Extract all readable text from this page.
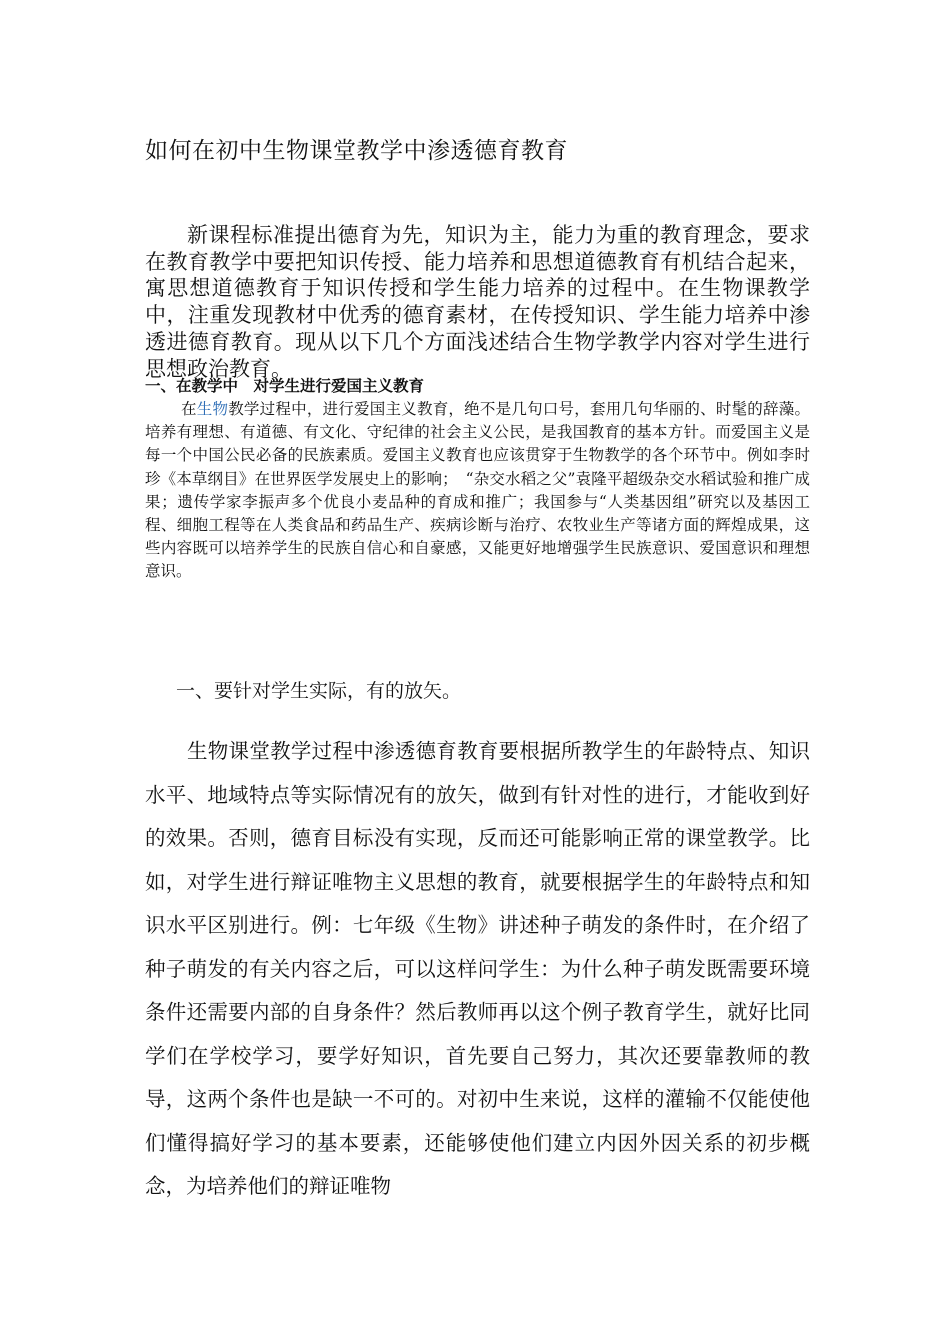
如何在初中生物课堂教学中渗透德育教育

新课程标准提出德育为先，知识为主，能力为重的教育理念，要求在教育教学中要把知识传授、能力培养和思想道德教育有机结合起来，寓思想道德教育于知识传授和学生能力培养的过程中。在生物课教学中，注重发现教材中优秀的德育素材，在传授知识、学生能力培养中渗透进德育教育。现从以下几个方面浅述结合生物学教学内容对学生进行思想政治教育。

一、在教学中　对学生进行爱国主义教育

在生物教学过程中，进行爱国主义教育，绝不是几句口号，套用几句华丽的、时髦的辞藻。培养有理想、有道德、有文化、守纪律的社会主义公民，是我国教育的基本方针。而爱国主义是每一个中国公民必备的民族素质。爱国主义教育也应该贯穿于生物教学的各个环节中。例如李时珍《本草纲目》在世界医学发展史上的影响；　“杂交水稻之父”袁隆平超级杂交水稻试验和推广成果；遗传学家李振声多个优良小麦品种的育成和推广；我国参与“人类基因组”研究以及基因工程、细胞工程等在人类食品和药品生产、疾病诊断与治疗、农牧业生产等诸方面的辉煌成果，这些内容既可以培养学生的民族自信心和自豪感，又能更好地增强学生民族意识、爱国意识和理想意识。

一、要针对学生实际，有的放矢。

生物课堂教学过程中渗透德育教育要根据所教学生的年龄特点、知识水平、地域特点等实际情况有的放矢，做到有针对性的进行，才能收到好的效果。否则，德育目标没有实现，反而还可能影响正常的课堂教学。比如，对学生进行辩证唯物主义思想的教育，就要根据学生的年龄特点和知识水平区别进行。例：七年级《生物》讲述种子萌发的条件时，在介绍了种子萌发的有关内容之后，可以这样问学生：为什么种子萌发既需要环境条件还需要内部的自身条件？然后教师再以这个例子教育学生，就好比同学们在学校学习，要学好知识，首先要自己努力，其次还要靠教师的教导，这两个条件也是缺一不可的。对初中生来说，这样的灌输不仅能使他们懂得搞好学习的基本要素，还能够使他们建立内因外因关系的初步概念，为培养他们的辩证唯物
